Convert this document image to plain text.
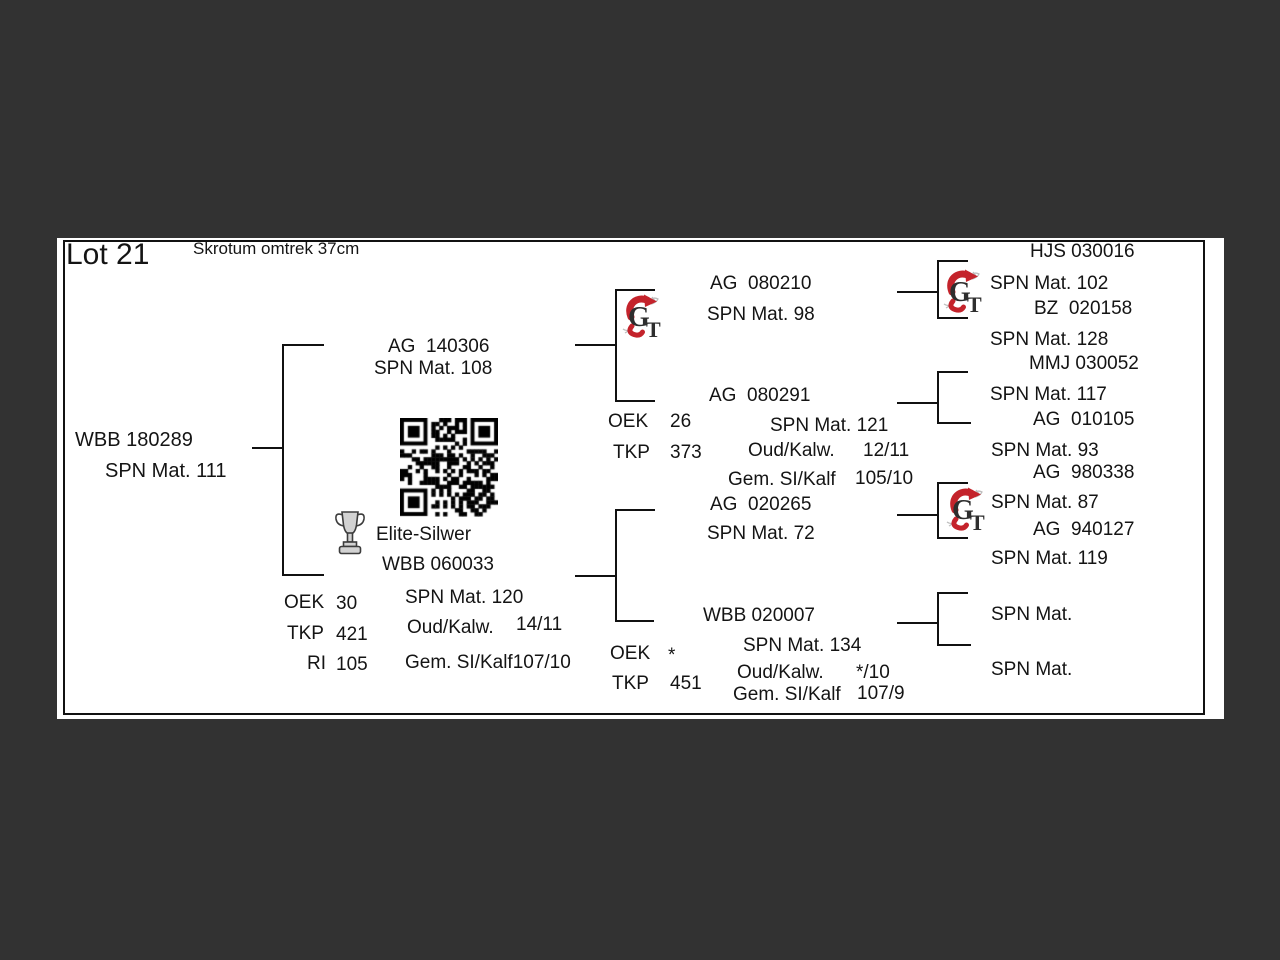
Lot 21	Skrotum omtrek 37cm
WBB 180289
SPN Mat. 111
AG  140306
SPN Mat. 108
Elite-Silwer
WBB 060033
OEK 30
TKP 421
RI 105
SPN Mat. 120
Oud/Kalw. 14/11
Gem. SI/Kalf107/10
G
T
AG  080210
SPN Mat. 98
AG  080291
OEK 26
TKP 373
SPN Mat. 121
Oud/Kalw. 12/11
Gem. SI/Kalf 105/10
AG  020265
SPN Mat. 72
WBB 020007
OEK *
TKP 451
SPN Mat. 134
Oud/Kalw. */10
Gem. SI/Kalf 107/9
G
T
HJS 030016
SPN Mat. 102
BZ  020158
SPN Mat. 128
MMJ 030052
SPN Mat. 117
AG  010105
SPN Mat. 93
AG  980338
G
T
SPN Mat. 87
AG  940127
SPN Mat. 119
SPN Mat.
SPN Mat.
